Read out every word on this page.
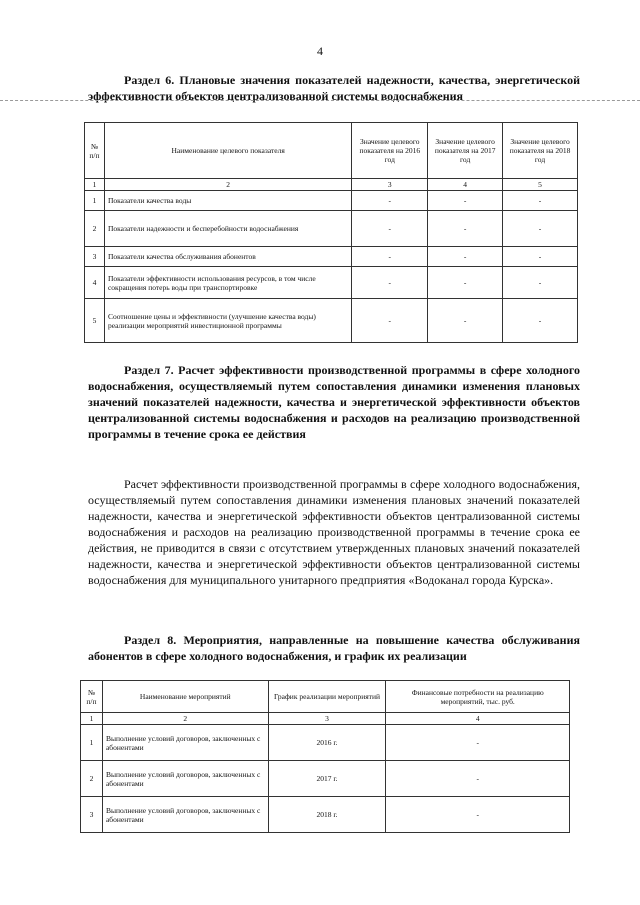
4
Раздел 6. Плановые значения показателей надежности, качества, энергетической эффективности объектов централизованной системы водоснабжения
№ п/п	Наименование целевого показателя	Значение целевого показателя на 2016 год	Значение целевого показателя на 2017 год	Значение целевого показателя на 2018 год
1	2	3	4	5
1	Показатели качества воды	-	-	-
2	Показатели надежности и бесперебойности водоснабжения	-	-	-
3	Показатели качества обслуживания абонентов	-	-	-
4	Показатели эффективности использования ресурсов, в том числе сокращения потерь воды при транспортировке	-	-	-
5	Соотношение цены и эффективности (улучшение качества воды) реализации мероприятий инвестиционной программы	-	-	-
Раздел 7. Расчет эффективности производственной программы в сфере холодного водоснабжения, осуществляемый путем сопоставления динамики изменения плановых значений показателей надежности, качества и энергетической эффективности объектов централизованной системы водоснабжения и расходов на реализацию производственной программы в течение срока ее действия
Расчет эффективности производственной программы в сфере холодного водоснабжения, осуществляемый путем сопоставления динамики изменения плановых значений показателей надежности, качества и энергетической эффективности объектов централизованной системы водоснабжения и расходов на реализацию производственной программы в течение срока ее действия, не приводится в связи с отсутствием утвержденных плановых значений показателей надежности, качества и энергетической эффективности объектов централизованной системы водоснабжения для муниципального унитарного предприятия «Водоканал города Курска».
Раздел 8. Мероприятия, направленные на повышение качества обслуживания абонентов в сфере холодного водоснабжения, и график их реализации
№ п/п	Наименование мероприятий	График реализации мероприятий	Финансовые потребности на реализацию мероприятий, тыс. руб.
1	2	3	4
1	Выполнение условий договоров, заключенных с абонентами	2016 г.	-
2	Выполнение условий договоров, заключенных с абонентами	2017 г.	-
3	Выполнение условий договоров, заключенных с абонентами	2018 г.	-
